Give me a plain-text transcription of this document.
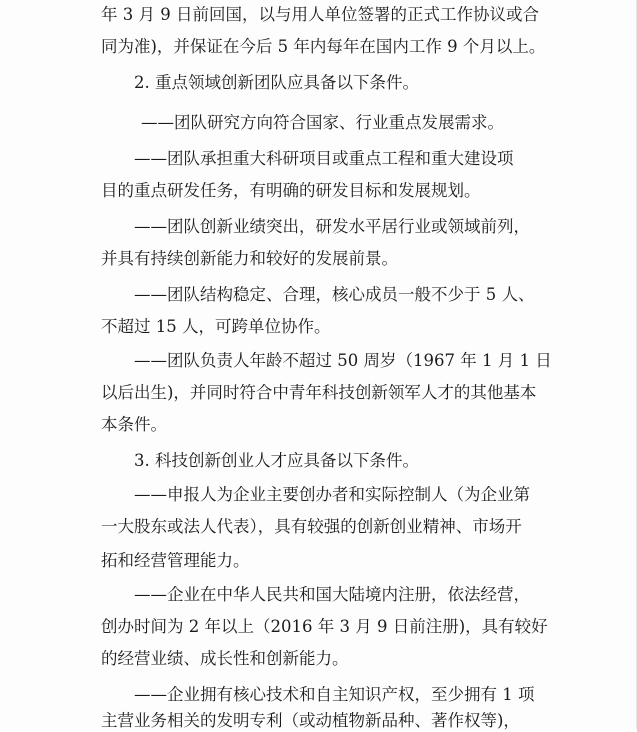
年 3 月 9 日前回国，以与用人单位签署的正式工作协议或合
同为准)，并保证在今后 5 年内每年在国内工作 9 个月以上。
2. 重点领域创新团队应具备以下条件。
——团队研究方向符合国家、行业重点发展需求。
——团队承担重大科研项目或重点工程和重大建设项
目的重点研发任务，有明确的研发目标和发展规划。
——团队创新业绩突出，研发水平居行业或领域前列，
并具有持续创新能力和较好的发展前景。
——团队结构稳定、合理，核心成员一般不少于 5 人、
不超过 15 人，可跨单位协作。
——团队负责人年龄不超过 50 周岁（1967 年 1 月 1 日
以后出生)，并同时符合中青年科技创新领军人才的其他基本
本条件。
3. 科技创新创业人才应具备以下条件。
——申报人为企业主要创办者和实际控制人（为企业第
一大股东或法人代表），具有较强的创新创业精神、市场开
拓和经营管理能力。
——企业在中华人民共和国大陆境内注册，依法经营，
创办时间为 2 年以上（2016 年 3 月 9 日前注册)，具有较好
的经营业绩、成长性和创新能力。
——企业拥有核心技术和自主知识产权，至少拥有 1 项
主营业务相关的发明专利（或动植物新品种、著作权等)，
